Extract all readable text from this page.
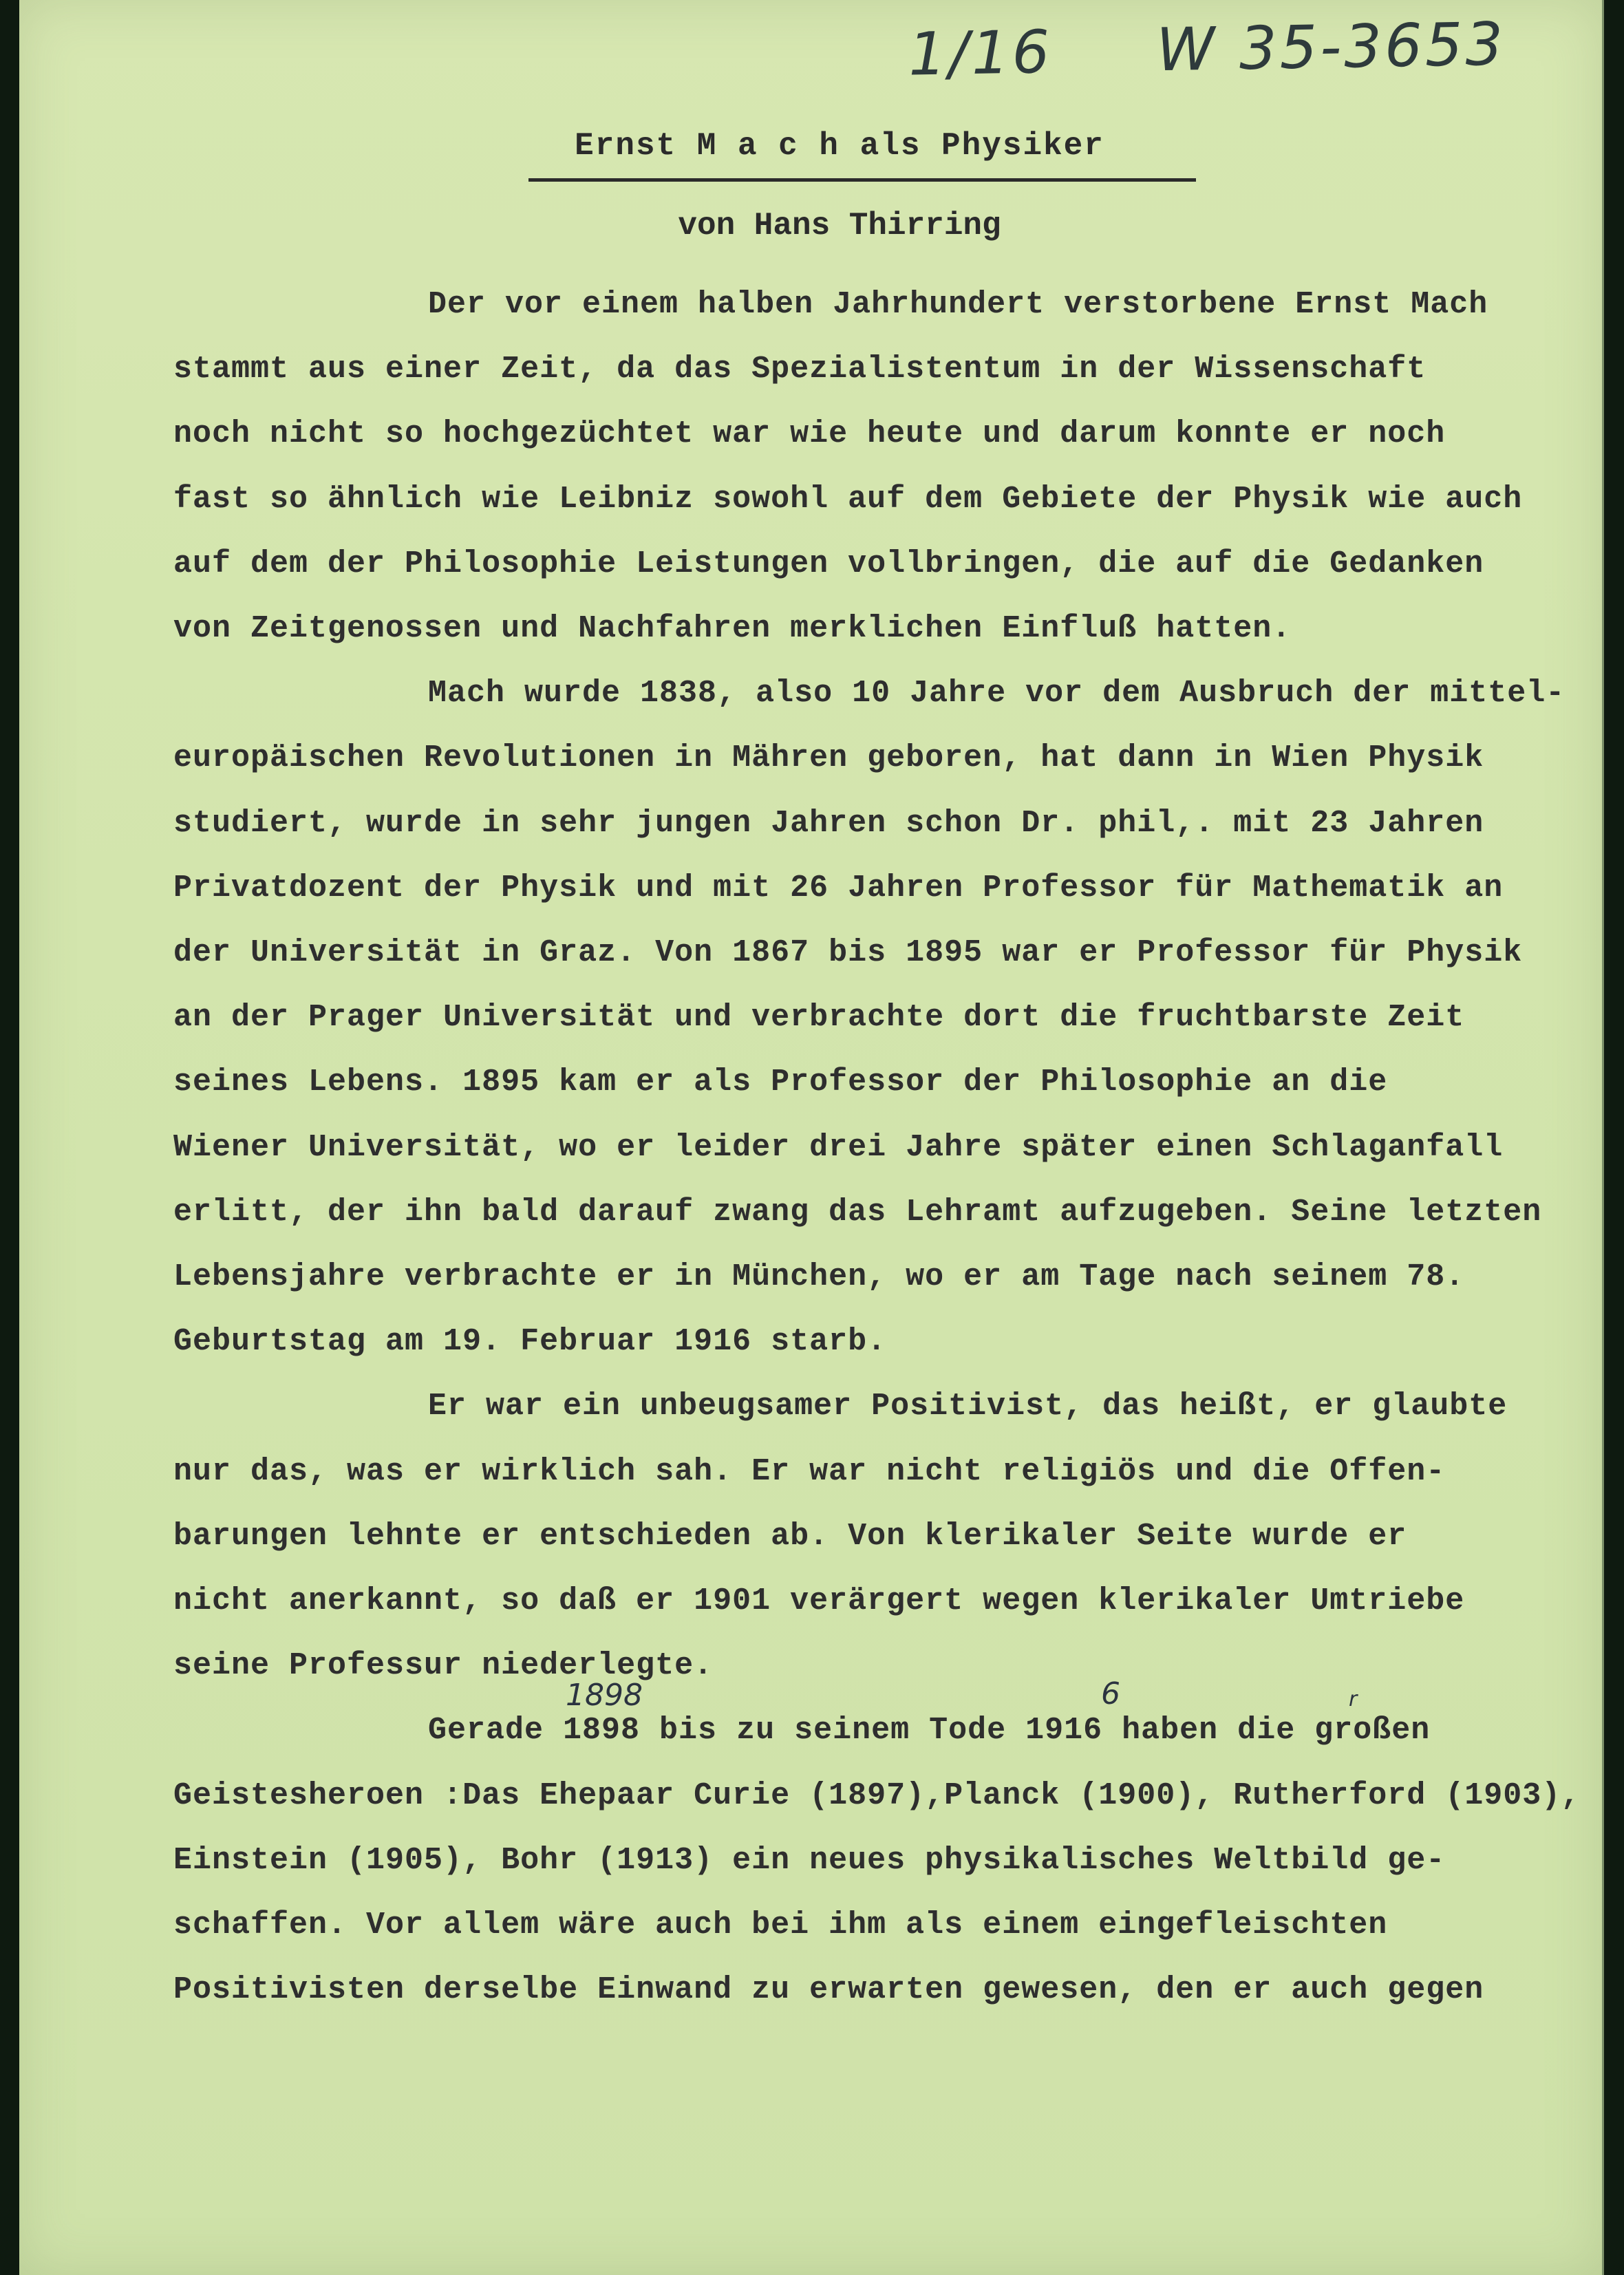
1/16 W 35-3653
Ernst M a c h als Physiker
von Hans Thirring
Der vor einem halben Jahrhundert verstorbene Ernst Mach
stammt aus einer Zeit, da das Spezialistentum in der Wissenschaft
noch nicht so hochgezüchtet war wie heute und darum konnte er noch
fast so ähnlich wie Leibniz sowohl auf dem Gebiete der Physik wie auch
auf dem der Philosophie Leistungen vollbringen, die auf die Gedanken
von Zeitgenossen und Nachfahren merklichen Einfluß hatten.
Mach wurde 1838, also 10 Jahre vor dem Ausbruch der mittel-
europäischen Revolutionen in Mähren geboren, hat dann in Wien Physik
studiert, wurde in sehr jungen Jahren schon Dr. phil,. mit 23 Jahren
Privatdozent der Physik und mit 26 Jahren Professor für Mathematik an
der Universität in Graz. Von 1867 bis 1895 war er Professor für Physik
an der Prager Universität und verbrachte dort die fruchtbarste Zeit
seines Lebens. 1895 kam er als Professor der Philosophie an die
Wiener Universität, wo er leider drei Jahre später einen Schlaganfall
erlitt, der ihn bald darauf zwang das Lehramt aufzugeben. Seine letzten
Lebensjahre verbrachte er in München, wo er am Tage nach seinem 78.
Geburtstag am 19. Februar 1916 starb.
Er war ein unbeugsamer Positivist, das heißt, er glaubte
nur das, was er wirklich sah. Er war nicht religiös und die Offen-
barungen lehnte er entschieden ab. Von klerikaler Seite wurde er
nicht anerkannt, so daß er 1901 verärgert wegen klerikaler Umtriebe
seine Professur niederlegte.
Gerade 1898 bis zu seinem Tode 1916 haben die großen
Geistesheroen :Das Ehepaar Curie (1897),Planck (1900), Rutherford (1903),
Einstein (1905), Bohr (1913) ein neues physikalisches Weltbild ge-
schaffen. Vor allem wäre auch bei ihm als einem eingefleischten
Positivisten derselbe Einwand zu erwarten gewesen, den er auch gegen
1898	6	r
